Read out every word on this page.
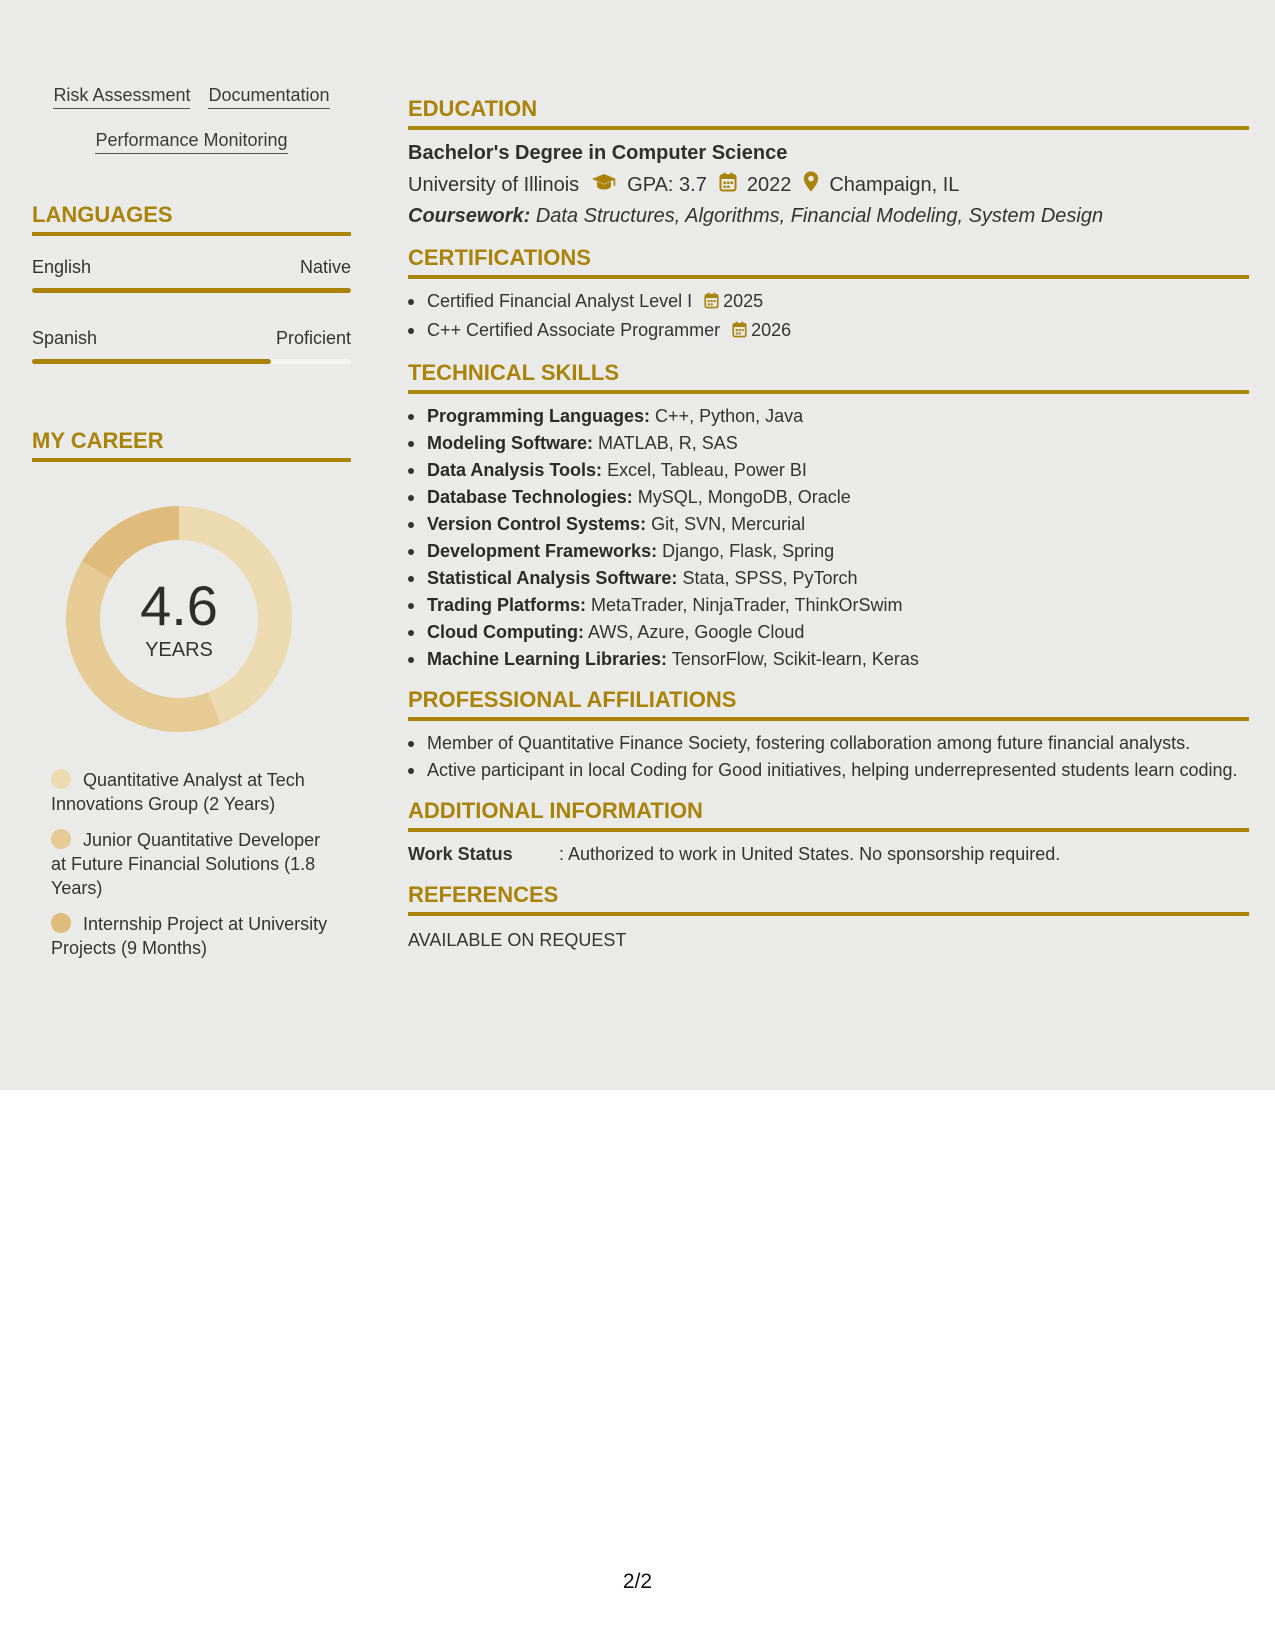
Risk Assessment Documentation
Performance Monitoring
LANGUAGES
English	Native
Spanish	Proficient
MY CAREER
4.6
YEARS
Quantitative Analyst at Tech Innovations Group (2 Years)
Junior Quantitative Developer at Future Financial Solutions (1.8 Years)
Internship Project at University Projects (9 Months)
EDUCATION
Bachelor's Degree in Computer Science
University of Illinois GPA: 3.7 2022 Champaign, IL
Coursework: Data Structures, Algorithms, Financial Modeling, System Design
CERTIFICATIONS
Certified Financial Analyst Level I 2025
C++ Certified Associate Programmer 2026
TECHNICAL SKILLS
Programming Languages: C++, Python, Java
Modeling Software: MATLAB, R, SAS
Data Analysis Tools: Excel, Tableau, Power BI
Database Technologies: MySQL, MongoDB, Oracle
Version Control Systems: Git, SVN, Mercurial
Development Frameworks: Django, Flask, Spring
Statistical Analysis Software: Stata, SPSS, PyTorch
Trading Platforms: MetaTrader, NinjaTrader, ThinkOrSwim
Cloud Computing: AWS, Azure, Google Cloud
Machine Learning Libraries: TensorFlow, Scikit-learn, Keras
PROFESSIONAL AFFILIATIONS
Member of Quantitative Finance Society, fostering collaboration among future financial analysts.
Active participant in local Coding for Good initiatives, helping underrepresented students learn coding.
ADDITIONAL INFORMATION
Work Status	: Authorized to work in United States. No sponsorship required.
REFERENCES
AVAILABLE ON REQUEST
2/2
